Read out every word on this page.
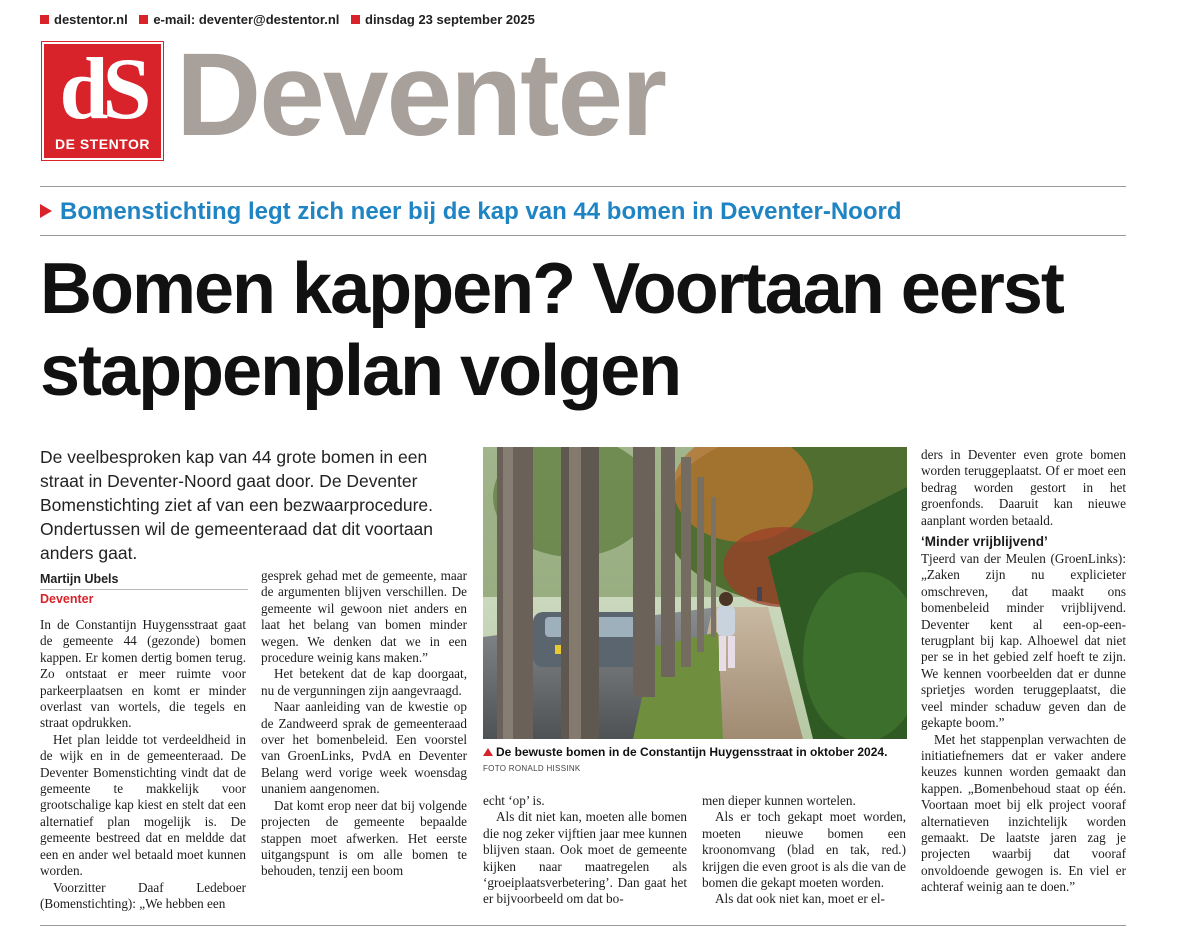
destentor.nl e-mail: deventer@destentor.nl dinsdag 23 september 2025
dS
DE STENTOR Deventer
Bomenstichting legt zich neer bij de kap van 44 bomen in Deventer-Noord
Bomen kappen? Voortaan eerst stappenplan volgen
De veelbesproken kap van 44 grote bomen in een straat in Deventer-Noord gaat door. De Deventer Bomenstichting ziet af van een bezwaarprocedure. Ondertussen wil de gemeenteraad dat dit voortaan anders gaat.
Martijn Ubels
Deventer

In de Constantijn Huygensstraat gaat de gemeente 44 (gezonde) bomen kappen. Er komen dertig bomen terug. Zo ontstaat er meer ruimte voor parkeerplaatsen en komt er minder overlast van wortels, die tegels en straat opdrukken.

Het plan leidde tot verdeeldheid in de wijk en in de gemeenteraad. De Deventer Bomenstichting vindt dat de gemeente te makkelijk voor grootschalige kap kiest en stelt dat een alternatief plan mogelijk is. De gemeente bestreed dat en meldde dat een en ander wel betaald moet kunnen worden.

Voorzitter Daaf Ledeboer (Bomenstichting): „We hebben een

gesprek gehad met de gemeente, maar de argumenten blijven verschillen. De gemeente wil gewoon niet anders en laat het belang van bomen minder wegen. We denken dat we in een procedure weinig kans maken.”

Het betekent dat de kap doorgaat, nu de vergunningen zijn aangevraagd.

Naar aanleiding van de kwestie op de Zandweerd sprak de gemeenteraad over het bomenbeleid. Een voorstel van GroenLinks, PvdA en Deventer Belang werd vorige week woensdag unaniem aangenomen.

Dat komt erop neer dat bij volgende projecten de gemeente bepaalde stappen moet afwerken. Het eerste uitgangspunt is om alle bomen te behouden, tenzij een boom

De bewuste bomen in de Constantijn Huygensstraat in oktober 2024. FOTO RONALD HISSINK

echt ‘op’ is.

Als dit niet kan, moeten alle bomen die nog zeker vijftien jaar mee kunnen blijven staan. Ook moet de gemeente kijken naar maatregelen als ‘groeiplaatsverbetering’. Dan gaat het er bijvoorbeeld om dat bo-

men dieper kunnen wortelen.

Als er toch gekapt moet worden, moeten nieuwe bomen een kroonomvang (blad en tak, red.) krijgen die even groot is als die van de bomen die gekapt moeten worden.

Als dat ook niet kan, moet er el-

ders in Deventer even grote bomen worden teruggeplaatst. Of er moet een bedrag worden gestort in het groenfonds. Daaruit kan nieuwe aanplant worden betaald.

‘Minder vrijblijvend’

Tjeerd van der Meulen (GroenLinks): „Zaken zijn nu explicieter omschreven, dat maakt ons bomenbeleid minder vrijblijvend. Deventer kent al een-op-een-terugplant bij kap. Alhoewel dat niet per se in het gebied zelf hoeft te zijn. We kennen voorbeelden dat er dunne sprietjes worden teruggeplaatst, die veel minder schaduw geven dan de gekapte boom.”

Met het stappenplan verwachten de initiatiefnemers dat er vaker andere keuzes kunnen worden gemaakt dan kappen. „Bomenbehoud staat op één. Voortaan moet bij elk project vooraf alternatieven inzichtelijk worden gemaakt. De laatste jaren zag je projecten waarbij dat vooraf onvoldoende gewogen is. En viel er achteraf weinig aan te doen.”
